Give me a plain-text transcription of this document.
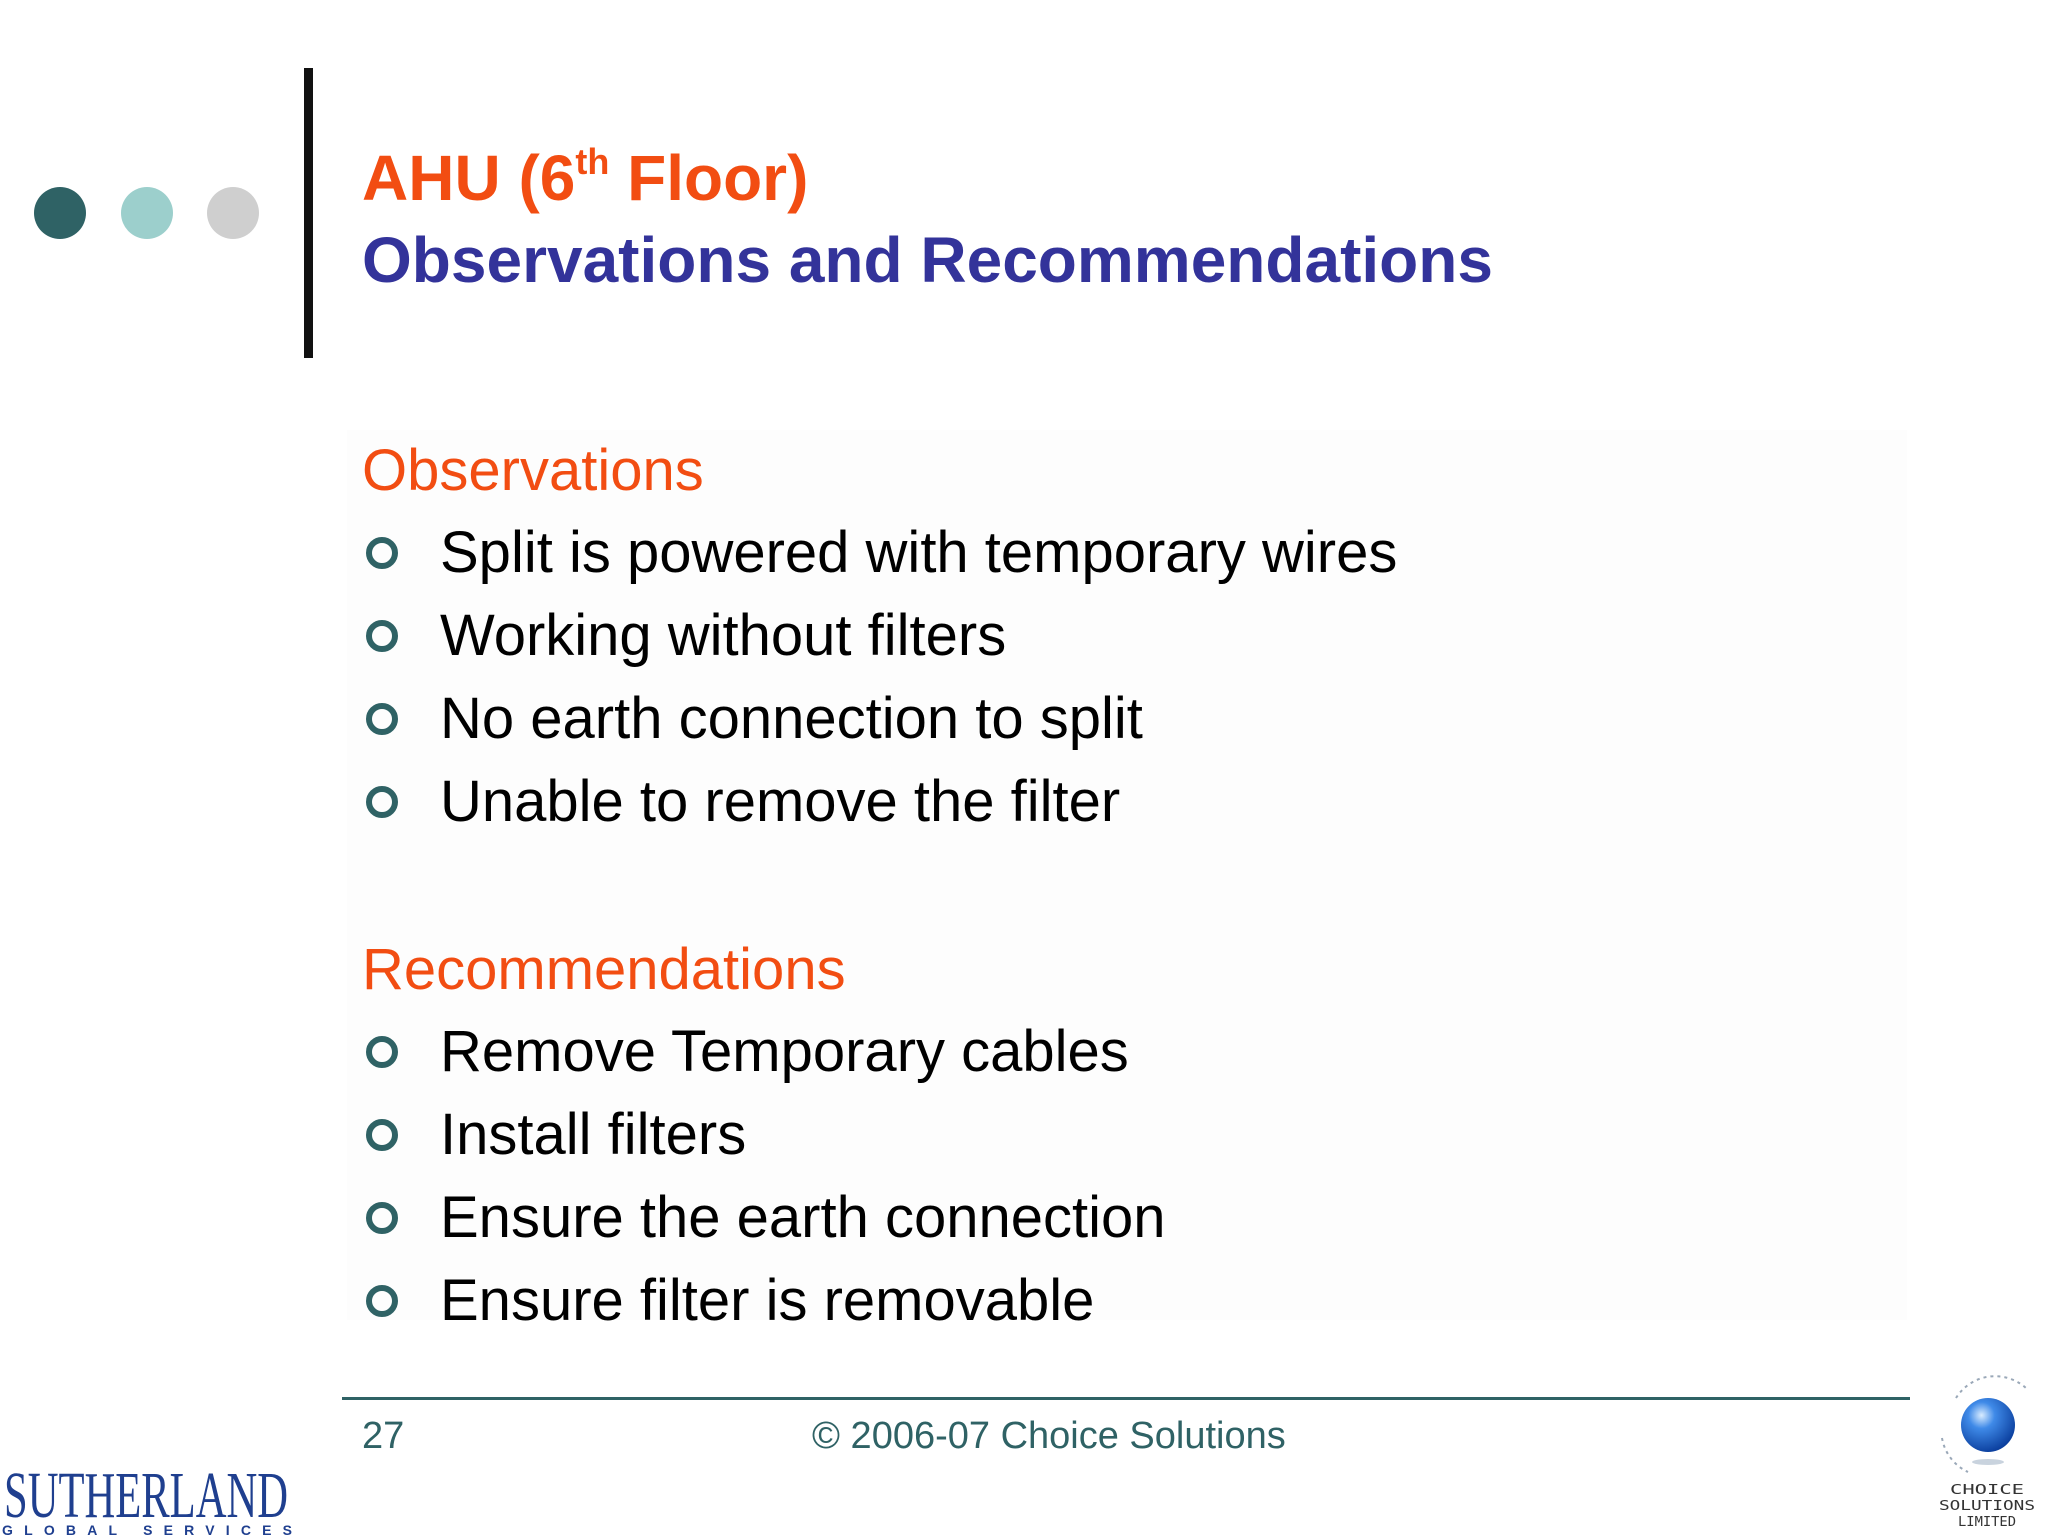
AHU (6th Floor)
Observations and Recommendations
Observations
Split is powered with temporary wires
Working without filters
No earth connection to split
Unable to remove the filter
Recommendations
Remove Temporary cables
Install filters
Ensure the earth connection
Ensure filter is removable
27	© 2006-07 Choice Solutions
SUTHERLAND
GLOBAL SERVICES
CHOICE
SOLUTIONS
LIMITED
